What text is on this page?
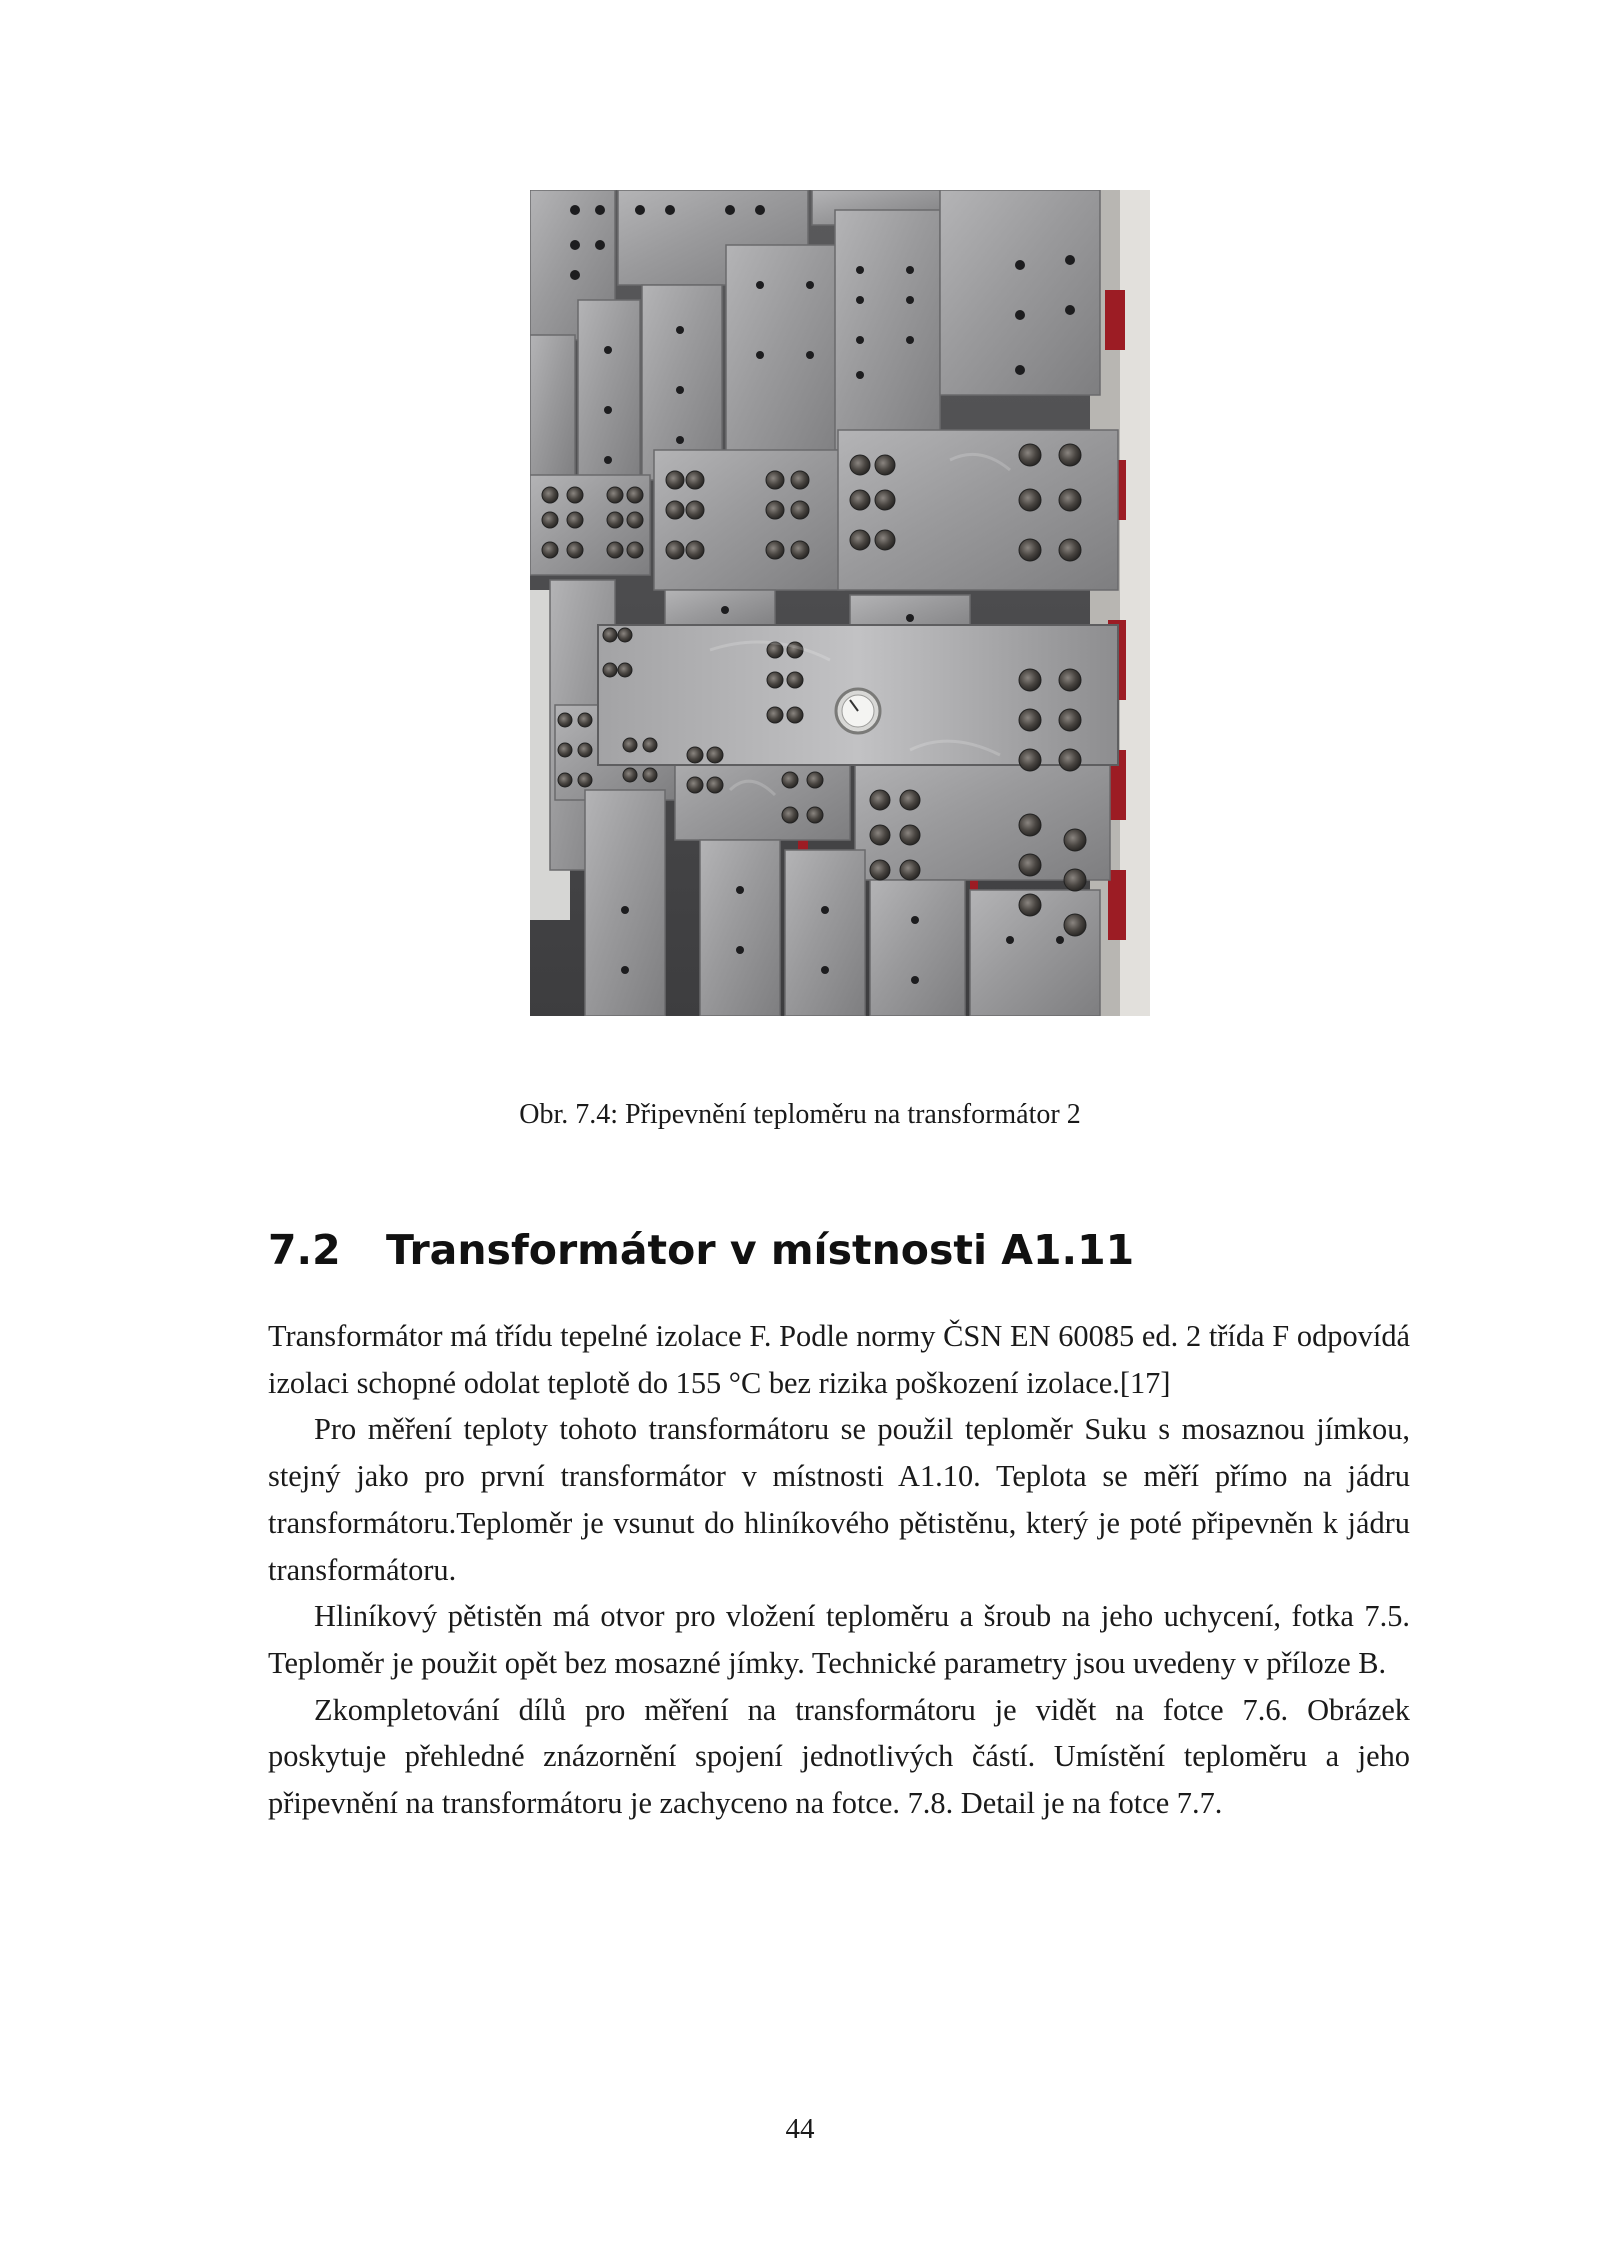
Obr. 7.4: Připevnění teploměru na transformátor 2
7.2 Transformátor v místnosti A1.11

Transformátor má třídu tepelné izolace F. Podle normy ČSN EN 60085 ed. 2 třída F odpovídá izolaci schopné odolat teplotě do 155 °C bez rizika poškození izolace.[17]

Pro měření teploty tohoto transformátoru se použil teploměr Suku s mosaznou jímkou, stejný jako pro první transformátor v místnosti A1.10. Teplota se měří přímo na jádru transformátoru.Teploměr je vsunut do hliníkového pětistěnu, který je poté připevněn k jádru transformátoru.

Hliníkový pětistěn má otvor pro vložení teploměru a šroub na jeho uchycení, fotka 7.5. Teploměr je použit opět bez mosazné jímky. Technické parametry jsou uvedeny v příloze B.

Zkompletování dílů pro měření na transformátoru je vidět na fotce 7.6. Obrázek poskytuje přehledné znázornění spojení jednotlivých částí. Umístění teploměru a jeho připevnění na transformátoru je zachyceno na fotce. 7.8. Detail je na fotce 7.7.

44
